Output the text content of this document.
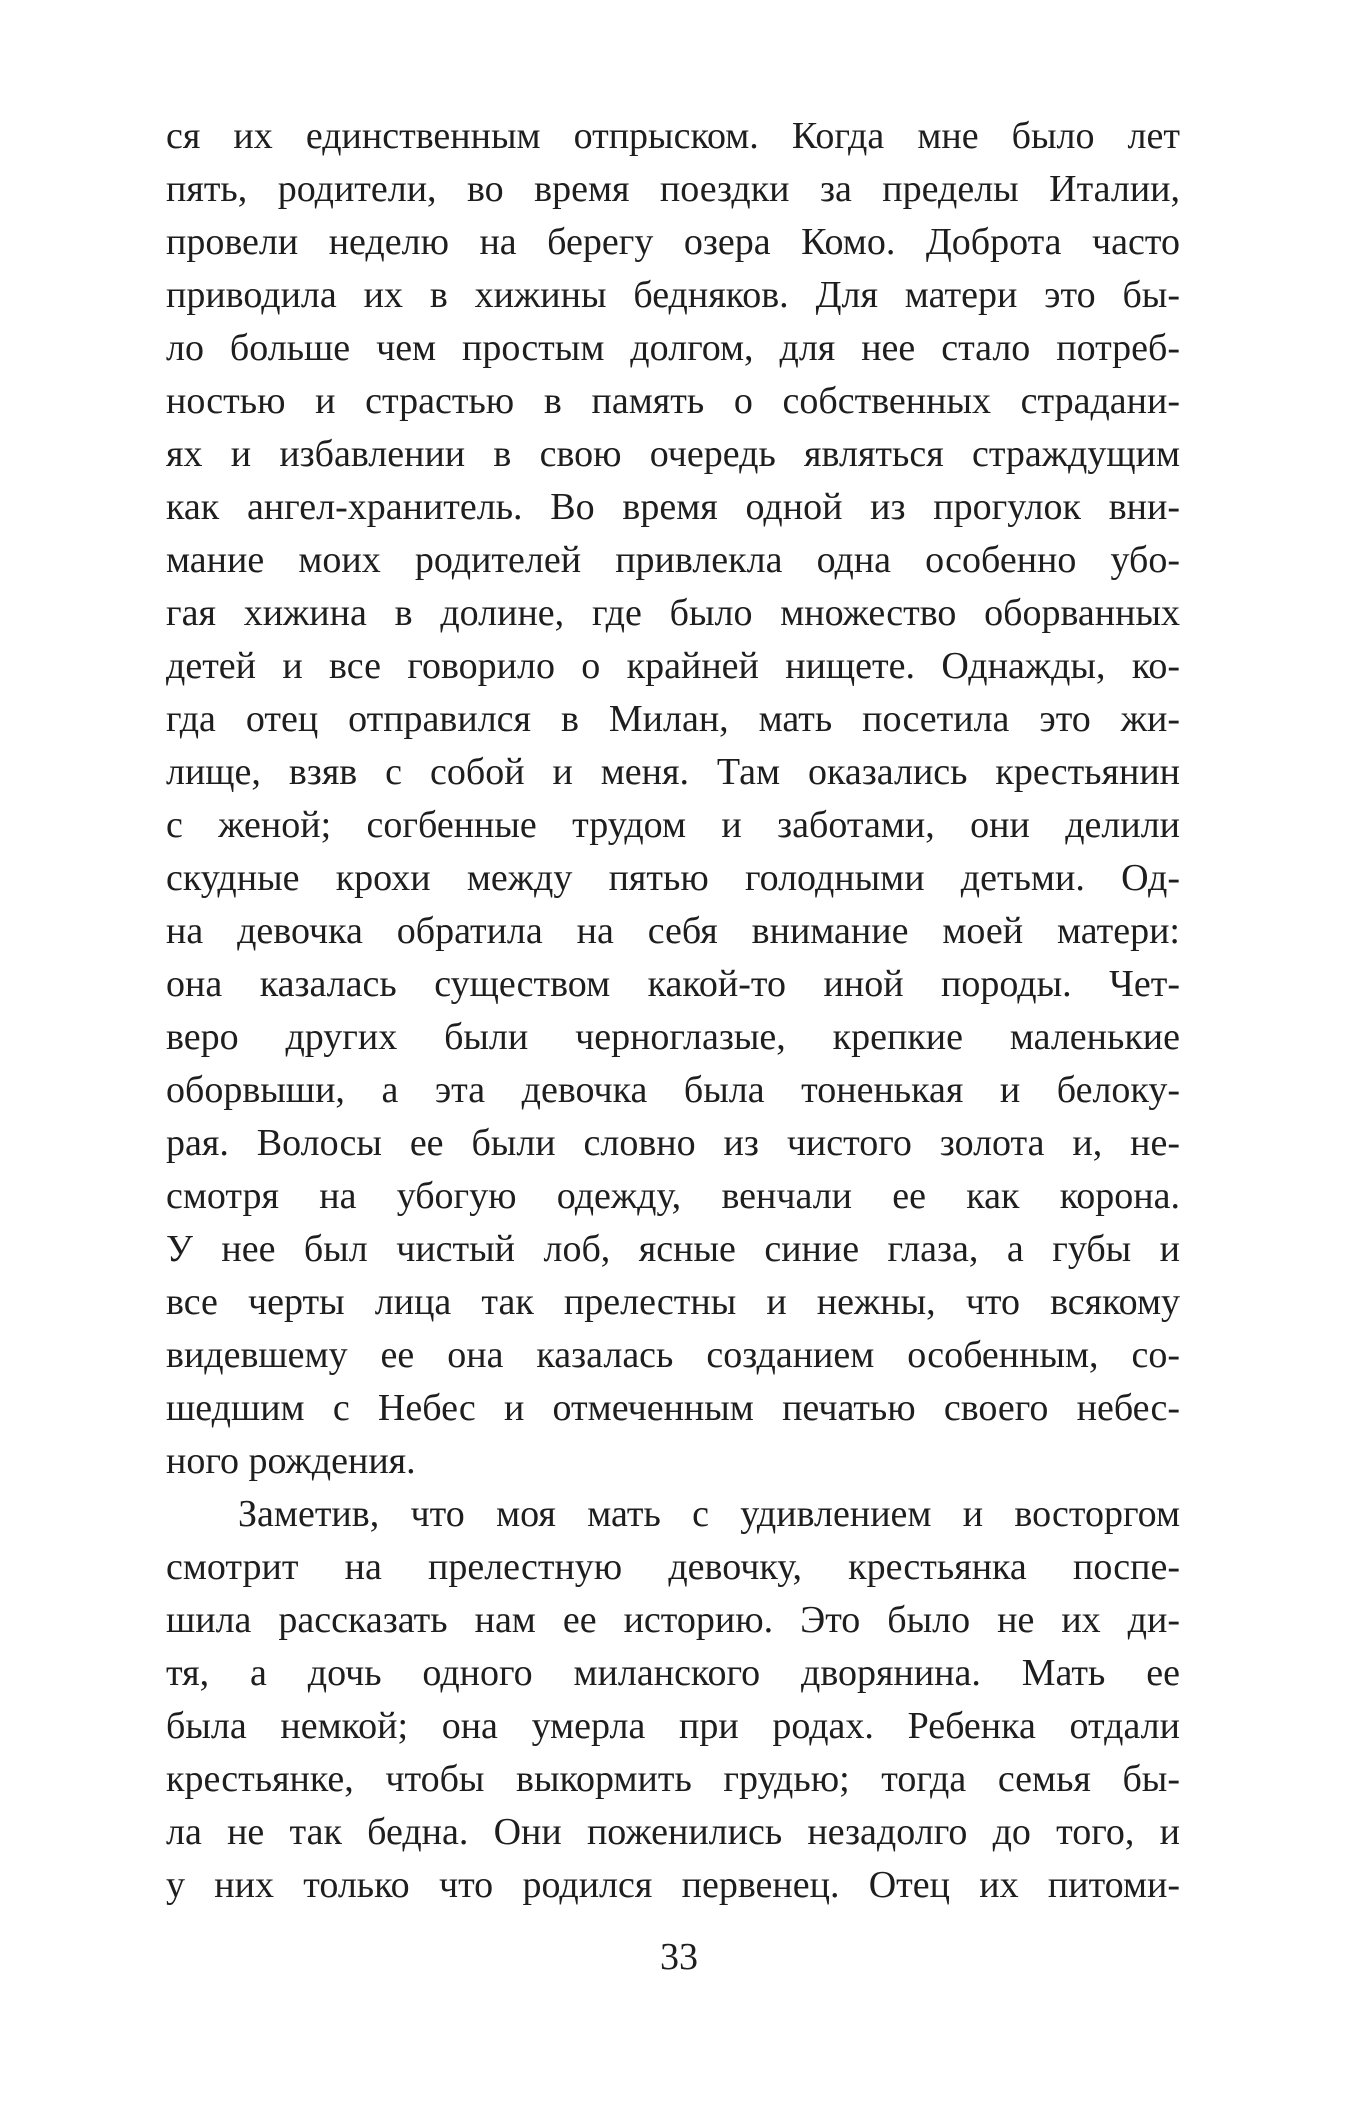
ся их единственным отпрыском. Когда мне было лет
пять, родители, во время поездки за пределы Италии,
провели неделю на берегу озера Комо. Доброта часто
приводила их в хижины бедняков. Для матери это бы-
ло больше чем простым долгом, для нее стало потреб-
ностью и страстью в память о собственных страдани-
ях и избавлении в свою очередь являться страждущим
как ангел-хранитель. Во время одной из прогулок вни-
мание моих родителей привлекла одна особенно убо-
гая хижина в долине, где было множество оборванных
детей и все говорило о крайней нищете. Однажды, ко-
гда отец отправился в Милан, мать посетила это жи-
лище, взяв с собой и меня. Там оказались крестьянин
с женой; согбенные трудом и заботами, они делили
скудные крохи между пятью голодными детьми. Од-
на девочка обратила на себя внимание моей матери:
она казалась существом какой-то иной породы. Чет-
веро других были черноглазые, крепкие маленькие
оборвыши, а эта девочка была тоненькая и белоку-
рая. Волосы ее были словно из чистого золота и, не-
смотря на убогую одежду, венчали ее как корона.
У нее был чистый лоб, ясные синие глаза, а губы и
все черты лица так прелестны и нежны, что всякому
видевшему ее она казалась созданием особенным, со-
шедшим с Небес и отмеченным печатью своего небес-
ного рождения.
Заметив, что моя мать с удивлением и восторгом
смотрит на прелестную девочку, крестьянка поспе-
шила рассказать нам ее историю. Это было не их ди-
тя, а дочь одного миланского дворянина. Мать ее
была немкой; она умерла при родах. Ребенка отдали
крестьянке, чтобы выкормить грудью; тогда семья бы-
ла не так бедна. Они поженились незадолго до того, и
у них только что родился первенец. Отец их питоми-
33
